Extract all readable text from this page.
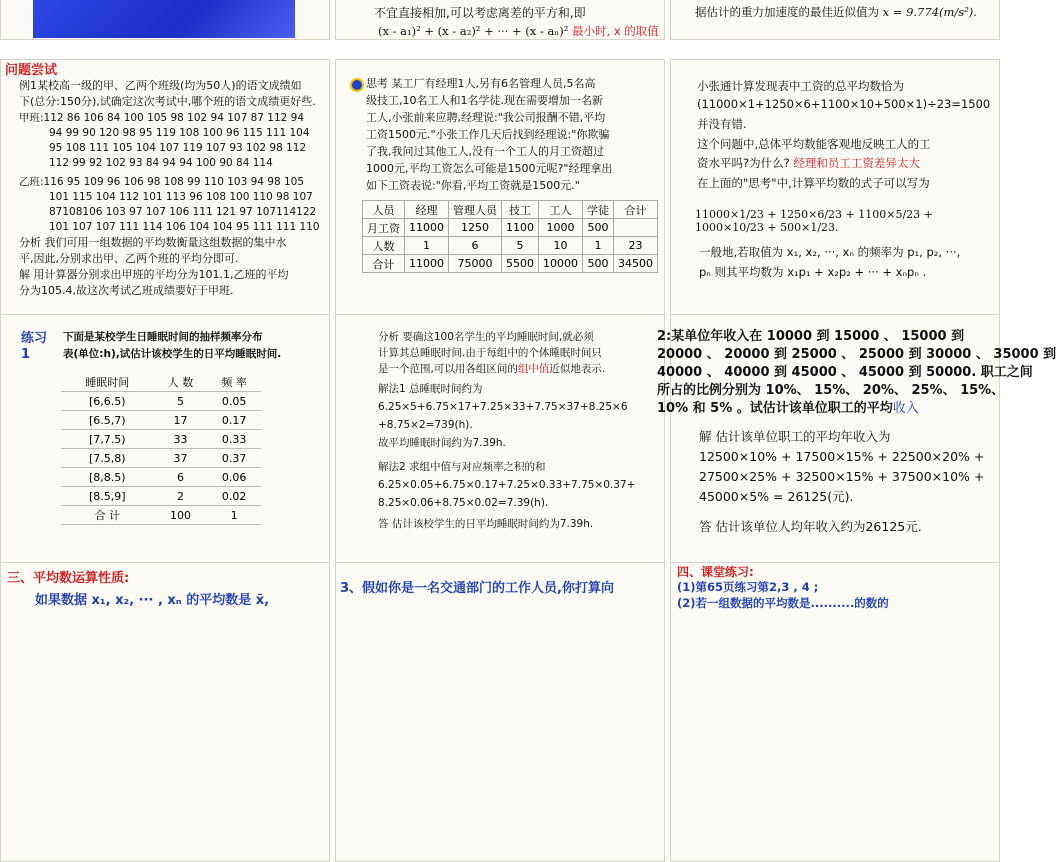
不宜直接相加,可以考虑离差的平方和,即
(x - a₁)² + (x - a₂)² + ··· + (x - aₙ)² 最小时, x 的取值
据估计的重力加速度的最佳近似值为 x = 9.774(m/s²).
问题尝试
例1某校高一级的甲、乙两个班级(均为50人)的语文成绩如
下(总分:150分),试确定这次考试中,哪个班的语文成绩更好些.
甲班:112 86 106 84 100 105 98 102 94 107 87 112 94
94 99 90 120 98 95 119 108 100 96 115 111 104
95 108 111 105 104 107 119 107 93 102 98 112
112 99 92 102 93 84 94 94 100 90 84 114
乙班:116 95 109 96 106 98 108 99 110 103 94 98 105
101 115 104 112 101 113 96 108 100 110 98 107
87108106 103 97 107 106 111 121 97 107114122
101 107 107 111 114 106 104 104 95 111 111 110
分析 我们可用一组数据的平均数衡量这组数据的集中水
平,因此,分别求出甲、乙两个班的平均分即可.
解 用计算器分别求出甲班的平均分为101.1,乙班的平均
分为105.4,故这次考试乙班成绩要好于甲班.
思考 某工厂有经理1人,另有6名管理人员,5名高
级技工,10名工人和1名学徒.现在需要增加一名新
工人,小张前来应聘,经理说:"我公司报酬不错,平均
工资1500元."小张工作几天后找到经理说:"你欺骗
了我,我问过其他工人,没有一个工人的月工资超过
1000元,平均工资怎么可能是1500元呢?"经理拿出
如下工资表说:"你看,平均工资就是1500元."
人员	经理	管理人员	技工	工人	学徒	合计
月工资	11000	1250	1100	1000	500	
人数	1	6	5	10	1	23
合计	11000	75000	5500	10000	500	34500
小张通计算发现表中工资的总平均数恰为
(11000×1+1250×6+1100×10+500×1)÷23=1500
并没有错.
这个问题中,总体平均数能客观地反映工人的工
资水平吗?为什么? 经理和员工工资差异太大
在上面的"思考"中,计算平均数的式子可以写为
11000×1/23 + 1250×6/23 + 1100×5/23 + 1000×10/23 + 500×1/23.
一般地,若取值为 x₁, x₂, ···, xₙ 的频率为 p₁, p₂, ···,
pₙ 则其平均数为 x₁p₁ + x₂p₂ + ··· + xₙpₙ .
练习1
下面是某校学生日睡眠时间的抽样频率分布
表(单位:h),试估计该校学生的日平均睡眠时间.
睡眠时间	人 数	频 率
[6,6.5)	5	0.05
[6.5,7)	17	0.17
[7,7.5)	33	0.33
[7.5,8)	37	0.37
[8,8.5)	6	0.06
[8.5,9]	2	0.02
合 计	100	1
分析 要确这100名学生的平均睡眠时间,就必须
计算其总睡眠时间.由于每组中的个体睡眠时间只
是一个范围,可以用各组区间的组中值近似地表示.
解法1 总睡眠时间约为
6.25×5+6.75×17+7.25×33+7.75×37+8.25×6
+8.75×2=739(h).
故平均睡眠时间约为7.39h.
解法2 求组中值与对应频率之积的和
6.25×0.05+6.75×0.17+7.25×0.33+7.75×0.37+
8.25×0.06+8.75×0.02=7.39(h).
答 估计该校学生的日平均睡眠时间约为7.39h.
2:某单位年收入在 10000 到 15000 、 15000 到
20000 、 20000 到 25000 、 25000 到 30000 、 35000 到
40000 、 40000 到 45000 、 45000 到 50000. 职工之间
所占的比例分别为 10%、 15%、 20%、 25%、 15%、
10% 和 5% 。试估计该单位职工的平均收入
解 估计该单位职工的平均年收入为
12500×10% + 17500×15% + 22500×20% +
27500×25% + 32500×15% + 37500×10% +
45000×5% = 26125(元).
答 估计该单位人均年收入约为26125元.
三、平均数运算性质:
如果数据 x₁, x₂, ··· , xₙ 的平均数是 x̄,
3、假如你是一名交通部门的工作人员,你打算向
四、课堂练习:
(1)第65页练习第2,3 , 4 ;
(2)若一组数据的平均数是..........的数的
